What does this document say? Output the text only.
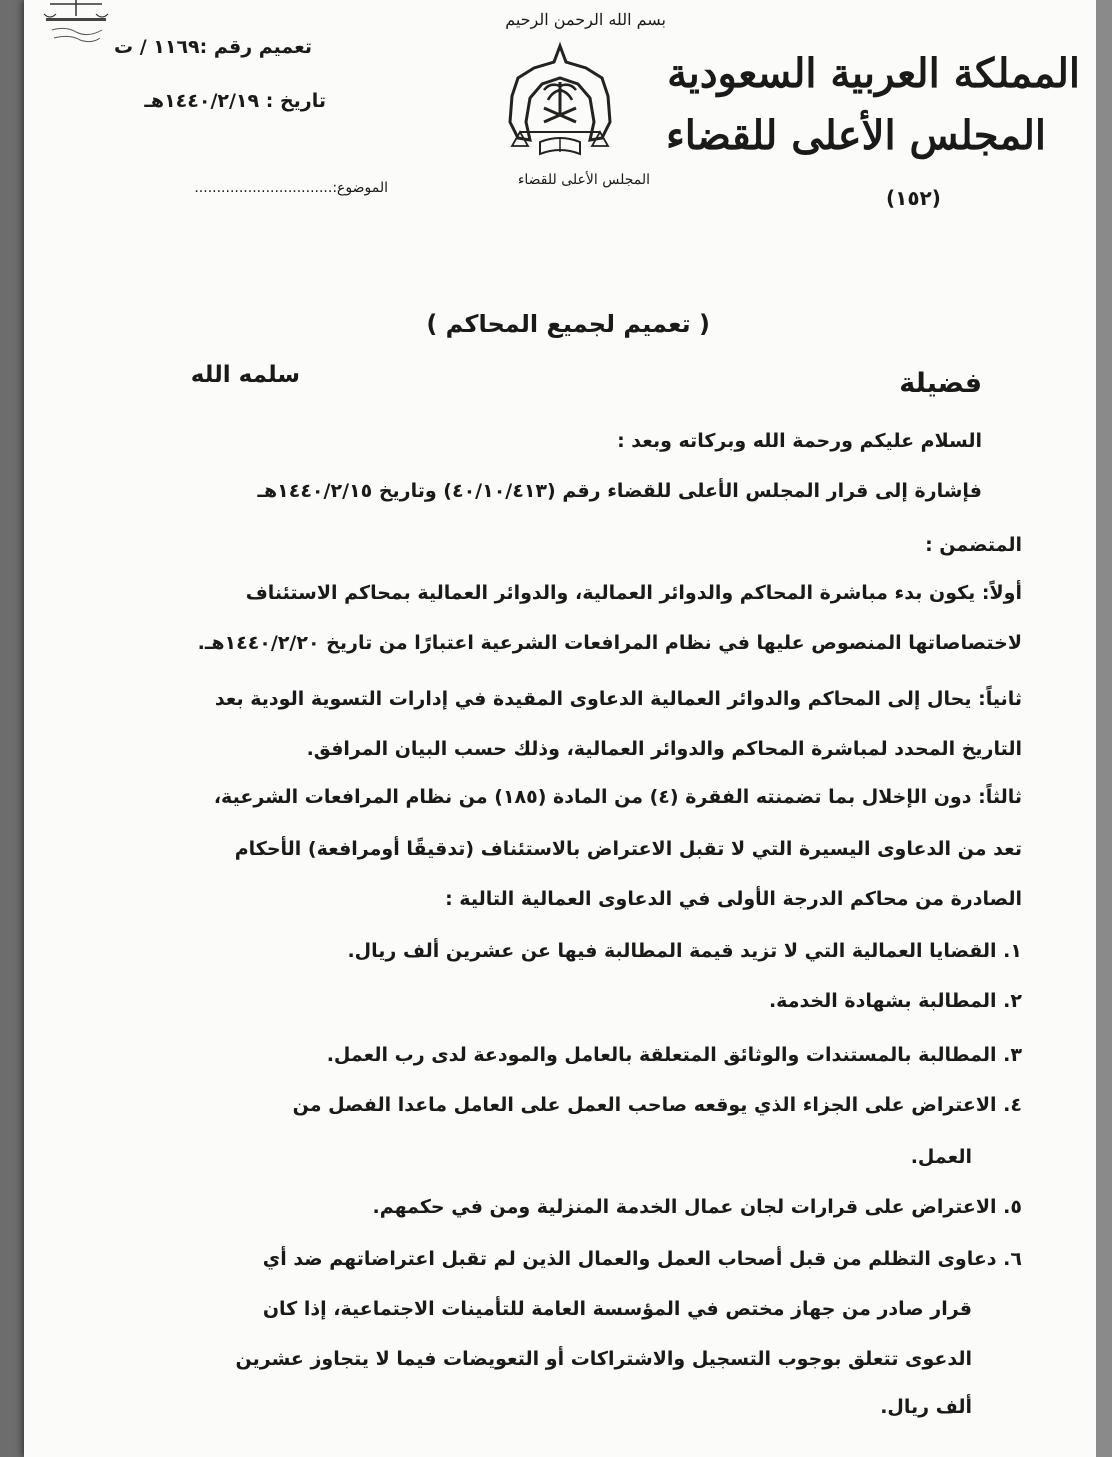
تعميم رقم :١١٦٩ / ت
تاريخ : ١٤٤٠/٢/١٩هـ
الموضوع:...............................
بسم الله الرحمن الرحيم
المجلس الأعلى للقضاء
المملكة العربية السعودية
المجلس الأعلى للقضاء
(١٥٢)
( تعميم لجميع المحاكم )
فضيلة
سلمه الله
السلام عليكم ورحمة الله وبركاته وبعد :
فإشارة إلى قرار المجلس الأعلى للقضاء رقم (٤٠/١٠/٤١٣) وتاريخ ١٤٤٠/٢/١٥هـ
المتضمن :
أولاً: يكون بدء مباشرة المحاكم والدوائر العمالية، والدوائر العمالية بمحاكم الاستئناف
لاختصاصاتها المنصوص عليها في نظام المرافعات الشرعية اعتبارًا من تاريخ ١٤٤٠/٢/٢٠هـ.
ثانياً: يحال إلى المحاكم والدوائر العمالية الدعاوى المقيدة في إدارات التسوية الودية بعد
التاريخ المحدد لمباشرة المحاكم والدوائر العمالية، وذلك حسب البيان المرافق.
ثالثاً: دون الإخلال بما تضمنته الفقرة (٤) من المادة (١٨٥) من نظام المرافعات الشرعية،
تعد من الدعاوى اليسيرة التي لا تقبل الاعتراض بالاستئناف (تدقيقًا أومرافعة) الأحكام
الصادرة من محاكم الدرجة الأولى في الدعاوى العمالية التالية :
١. القضايا العمالية التي لا تزيد قيمة المطالبة فيها عن عشرين ألف ريال.
٢. المطالبة بشهادة الخدمة.
٣. المطالبة بالمستندات والوثائق المتعلقة بالعامل والمودعة لدى رب العمل.
٤. الاعتراض على الجزاء الذي يوقعه صاحب العمل على العامل ماعدا الفصل من
العمل.
٥. الاعتراض على قرارات لجان عمال الخدمة المنزلية ومن في حكمهم.
٦. دعاوى التظلم من قبل أصحاب العمل والعمال الذين لم تقبل اعتراضاتهم ضد أي
قرار صادر من جهاز مختص في المؤسسة العامة للتأمينات الاجتماعية، إذا كان
الدعوى تتعلق بوجوب التسجيل والاشتراكات أو التعويضات فيما لا يتجاوز عشرين
ألف ريال.
